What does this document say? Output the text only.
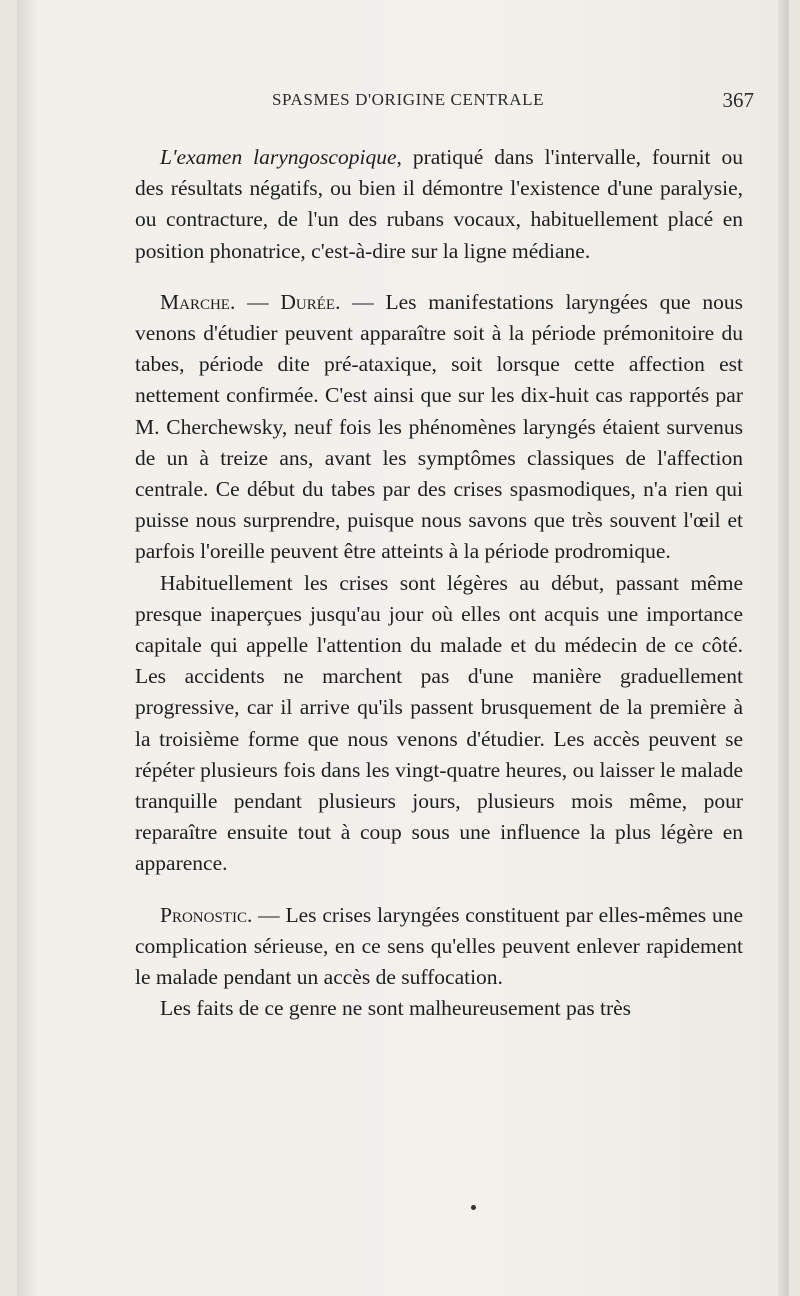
SPASMES D'ORIGINE CENTRALE	367

L'examen laryngoscopique, pratiqué dans l'intervalle, fournit ou des résultats négatifs, ou bien il démontre l'existence d'une paralysie, ou contracture, de l'un des rubans vocaux, habituellement placé en position phonatrice, c'est-à-dire sur la ligne médiane.

Marche. — Durée. — Les manifestations laryngées que nous venons d'étudier peuvent apparaître soit à la période prémonitoire du tabes, période dite pré-ataxique, soit lorsque cette affection est nettement confirmée. C'est ainsi que sur les dix-huit cas rapportés par M. Cherchewsky, neuf fois les phénomènes laryngés étaient survenus de un à treize ans, avant les symptômes classiques de l'affection centrale. Ce début du tabes par des crises spasmodiques, n'a rien qui puisse nous surprendre, puisque nous savons que très souvent l'œil et parfois l'oreille peuvent être atteints à la période prodromique.

Habituellement les crises sont légères au début, passant même presque inaperçues jusqu'au jour où elles ont acquis une importance capitale qui appelle l'attention du malade et du médecin de ce côté. Les accidents ne marchent pas d'une manière graduellement progressive, car il arrive qu'ils passent brusquement de la première à la troisième forme que nous venons d'étudier. Les accès peuvent se répéter plusieurs fois dans les vingt-quatre heures, ou laisser le malade tranquille pendant plusieurs jours, plusieurs mois même, pour reparaître ensuite tout à coup sous une influence la plus légère en apparence.

Pronostic. — Les crises laryngées constituent par elles-mêmes une complication sérieuse, en ce sens qu'elles peuvent enlever rapidement le malade pendant un accès de suffocation.

Les faits de ce genre ne sont malheureusement pas très
